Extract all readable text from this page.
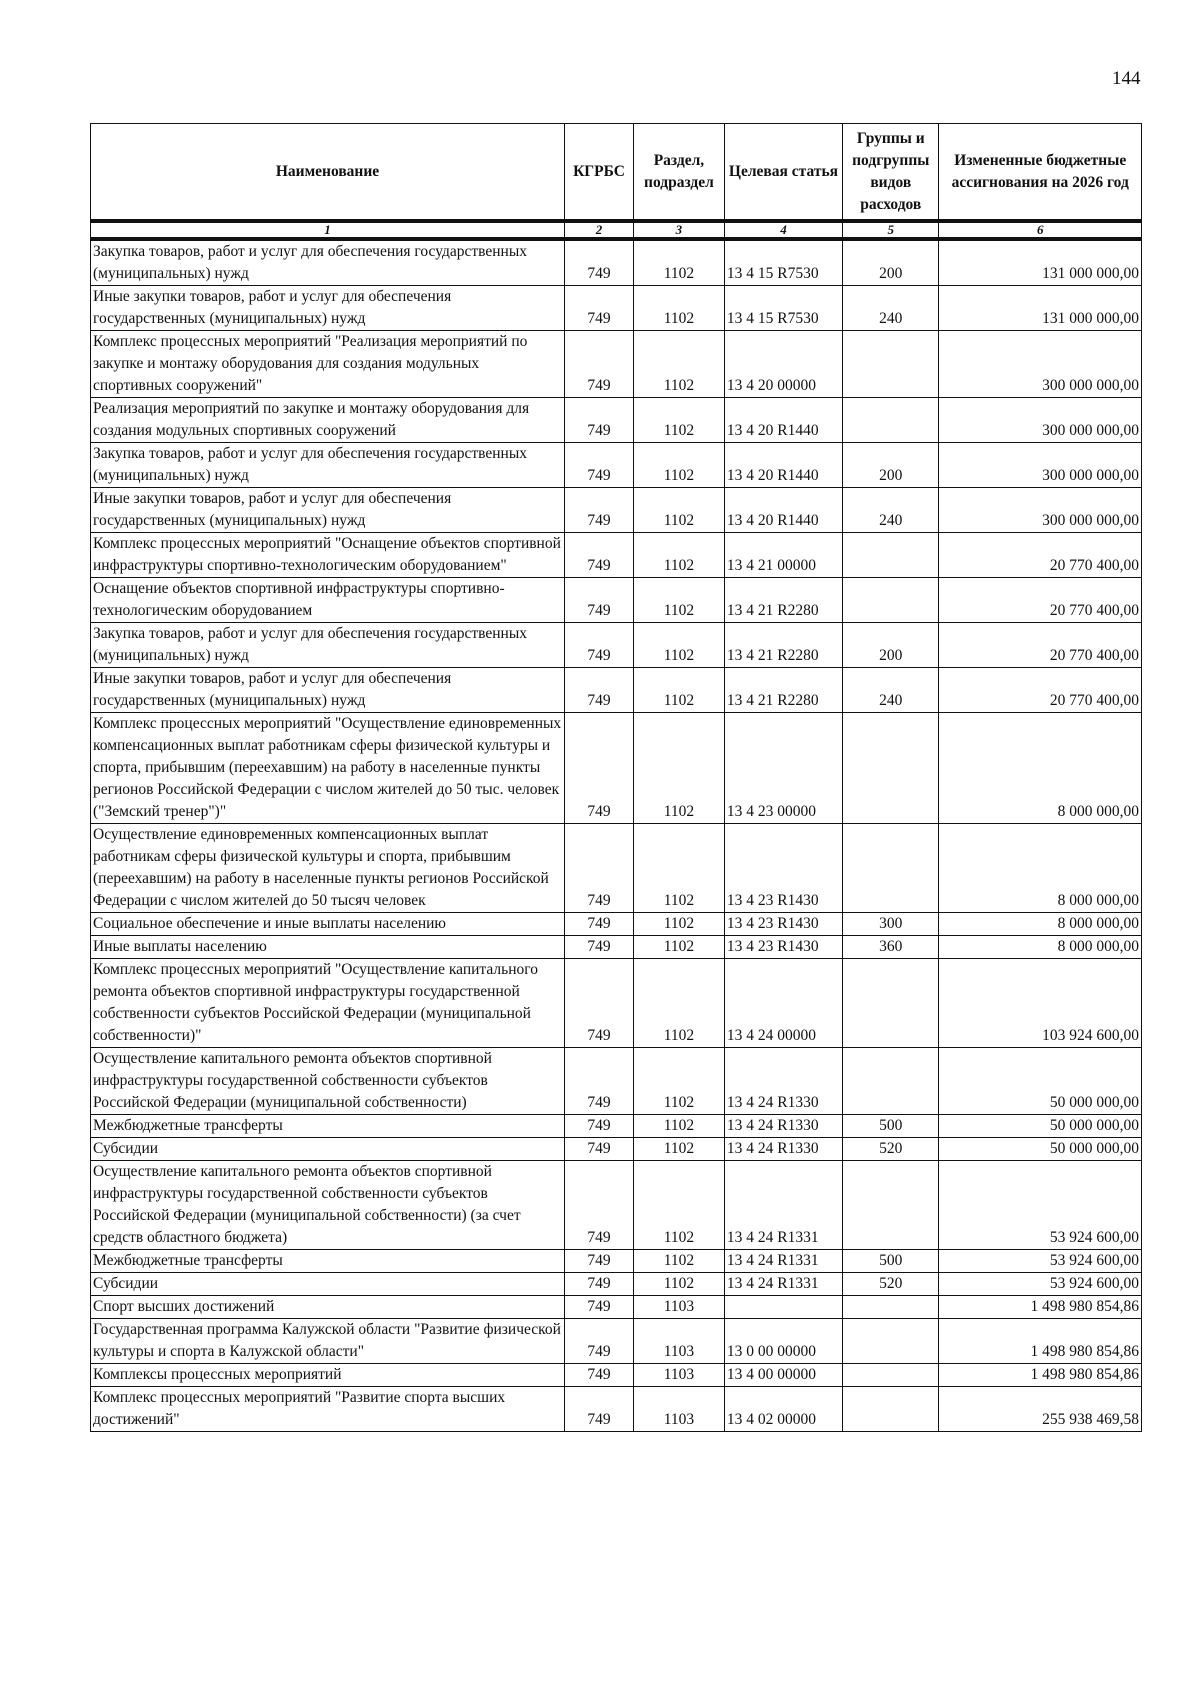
144
Наименование	КГРБС	Раздел, подраздел	Целевая статья	Группы и подгруппы видов расходов	Измененные бюджетные ассигнования на 2026 год
1	2	3	4	5	6
Закупка товаров, работ и услуг для обеспечения государственных (муниципальных) нужд	749	1102	13 4 15 R7530	200	131 000 000,00
Иные закупки товаров, работ и услуг для обеспечения государственных (муниципальных) нужд	749	1102	13 4 15 R7530	240	131 000 000,00
Комплекс процессных мероприятий "Реализация мероприятий по закупке и монтажу оборудования для создания модульных спортивных сооружений"	749	1102	13 4 20 00000		300 000 000,00
Реализация мероприятий по закупке и монтажу оборудования для создания модульных спортивных сооружений	749	1102	13 4 20 R1440		300 000 000,00
Закупка товаров, работ и услуг для обеспечения государственных (муниципальных) нужд	749	1102	13 4 20 R1440	200	300 000 000,00
Иные закупки товаров, работ и услуг для обеспечения государственных (муниципальных) нужд	749	1102	13 4 20 R1440	240	300 000 000,00
Комплекс процессных мероприятий "Оснащение объектов спортивной инфраструктуры спортивно-технологическим оборудованием"	749	1102	13 4 21 00000		20 770 400,00
Оснащение объектов спортивной инфраструктуры спортивно-технологическим оборудованием	749	1102	13 4 21 R2280		20 770 400,00
Закупка товаров, работ и услуг для обеспечения государственных (муниципальных) нужд	749	1102	13 4 21 R2280	200	20 770 400,00
Иные закупки товаров, работ и услуг для обеспечения государственных (муниципальных) нужд	749	1102	13 4 21 R2280	240	20 770 400,00
Комплекс процессных мероприятий "Осуществление единовременных компенсационных выплат работникам сферы физической культуры и спорта, прибывшим (переехавшим) на работу в населенные пункты регионов Российской Федерации с числом жителей до 50 тыс. человек ("Земский тренер")"	749	1102	13 4 23 00000		8 000 000,00
Осуществление единовременных компенсационных выплат работникам сферы физической культуры и спорта, прибывшим (переехавшим) на работу в населенные пункты регионов Российской Федерации с числом жителей до 50 тысяч человек	749	1102	13 4 23 R1430		8 000 000,00
Социальное обеспечение и иные выплаты населению	749	1102	13 4 23 R1430	300	8 000 000,00
Иные выплаты населению	749	1102	13 4 23 R1430	360	8 000 000,00
Комплекс процессных мероприятий "Осуществление капитального ремонта объектов спортивной инфраструктуры государственной собственности субъектов Российской Федерации (муниципальной собственности)"	749	1102	13 4 24 00000		103 924 600,00
Осуществление капитального ремонта объектов спортивной инфраструктуры государственной собственности субъектов Российской Федерации (муниципальной собственности)	749	1102	13 4 24 R1330		50 000 000,00
Межбюджетные трансферты	749	1102	13 4 24 R1330	500	50 000 000,00
Субсидии	749	1102	13 4 24 R1330	520	50 000 000,00
Осуществление капитального ремонта объектов спортивной инфраструктуры государственной собственности субъектов Российской Федерации (муниципальной собственности) (за счет средств областного бюджета)	749	1102	13 4 24 R1331		53 924 600,00
Межбюджетные трансферты	749	1102	13 4 24 R1331	500	53 924 600,00
Субсидии	749	1102	13 4 24 R1331	520	53 924 600,00
Спорт высших достижений	749	1103			1 498 980 854,86
Государственная программа Калужской области "Развитие физической культуры и спорта в Калужской области"	749	1103	13 0 00 00000		1 498 980 854,86
Комплексы процессных мероприятий	749	1103	13 4 00 00000		1 498 980 854,86
Комплекс процессных мероприятий "Развитие спорта высших достижений"	749	1103	13 4 02 00000		255 938 469,58
